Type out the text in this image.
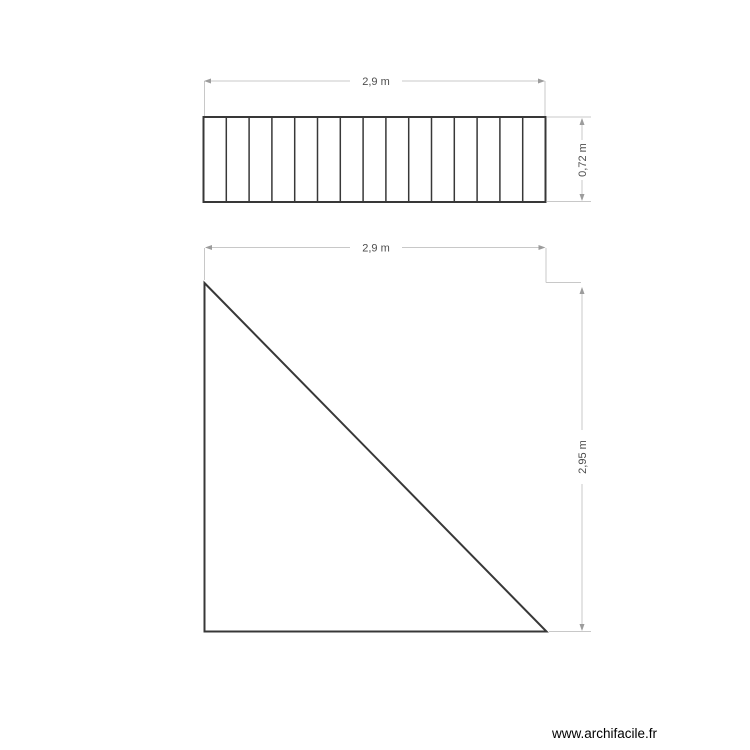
2,9 m
0,72 m
2,9 m
2,95 m
www.archifacile.fr
